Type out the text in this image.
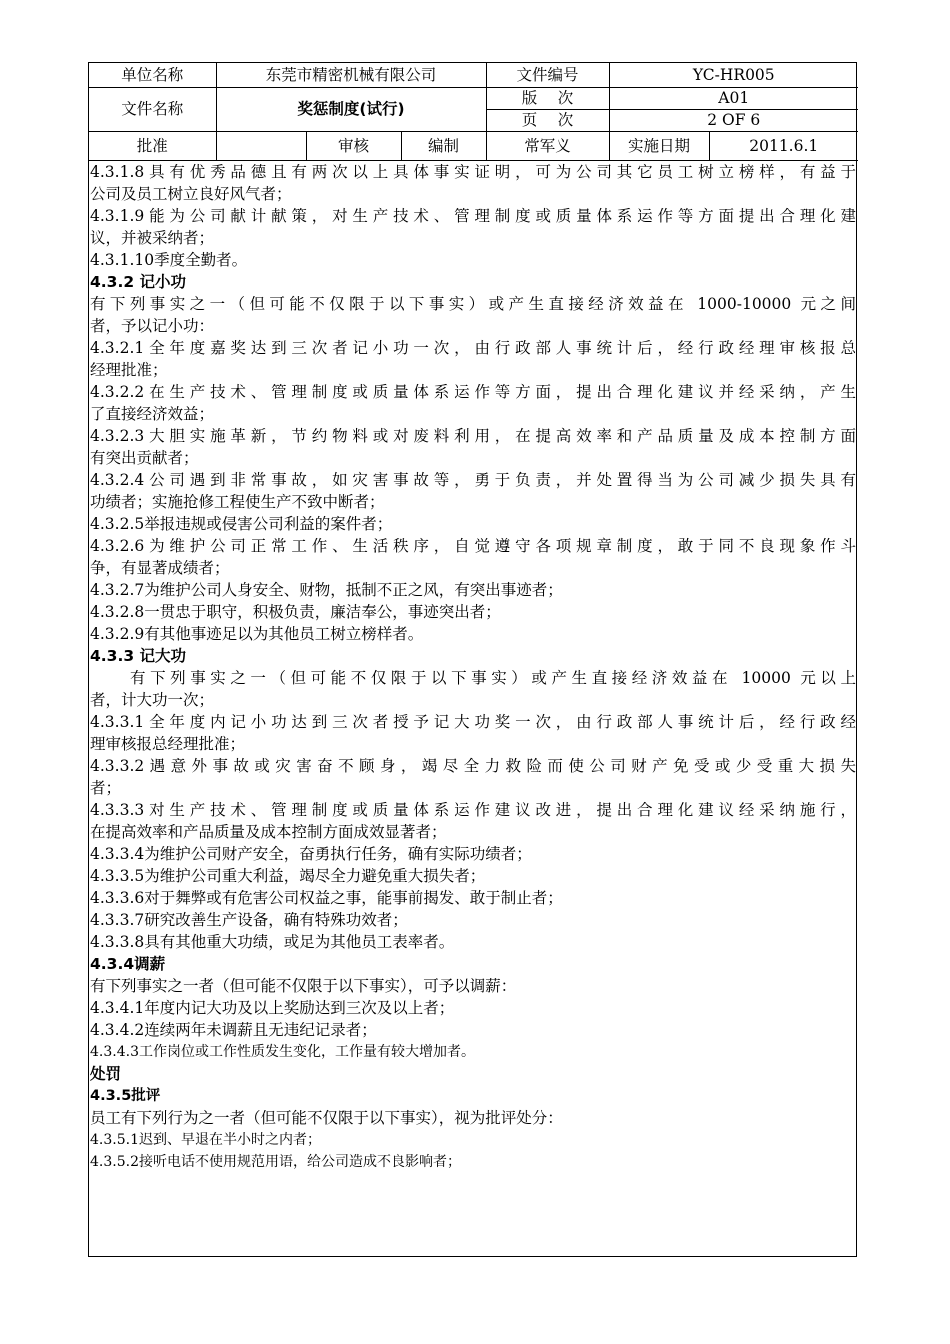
单位名称	东莞市精密机械有限公司			文件编号	YC-HR005	
文件名称	奖惩制度(试行)			版　 次	A01	
				页　 次	2 OF 6	
批准		审核	编制	常军义	实施日期	2011.6.1
4.3.1.8具有优秀品德且有两次以上具体事实证明，可为公司其它员工树立榜样，有益于
公司及员工树立良好风气者；
4.3.1.9能为公司献计献策，对生产技术、管理制度或质量体系运作等方面提出合理化建
议，并被采纳者；
4.3.1.10季度全勤者。
4.3.2 记小功
有下列事实之一（但可能不仅限于以下事实）或产生直接经济效益在 1000-10000 元之间
者，予以记小功：
4.3.2.1全年度嘉奖达到三次者记小功一次，由行政部人事统计后，经行政经理审核报总
经理批准；
4.3.2.2在生产技术、管理制度或质量体系运作等方面，提出合理化建议并经采纳，产生
了直接经济效益；
4.3.2.3大胆实施革新，节约物料或对废料利用，在提高效率和产品质量及成本控制方面
有突出贡献者；
4.3.2.4公司遇到非常事故，如灾害事故等，勇于负责，并处置得当为公司减少损失具有
功绩者；实施抢修工程使生产不致中断者；
4.3.2.5举报违规或侵害公司利益的案件者；
4.3.2.6为维护公司正常工作、生活秩序，自觉遵守各项规章制度，敢于同不良现象作斗
争，有显著成绩者；
4.3.2.7为维护公司人身安全、财物，抵制不正之风，有突出事迹者；
4.3.2.8一贯忠于职守，积极负责，廉洁奉公，事迹突出者；
4.3.2.9有其他事迹足以为其他员工树立榜样者。
4.3.3 记大功
有下列事实之一（但可能不仅限于以下事实）或产生直接经济效益在 10000 元以上
者，计大功一次；
4.3.3.1全年度内记小功达到三次者授予记大功奖一次，由行政部人事统计后，经行政经
理审核报总经理批准；
4.3.3.2遇意外事故或灾害奋不顾身，竭尽全力救险而使公司财产免受或少受重大损失
者；
4.3.3.3对生产技术、管理制度或质量体系运作建议改进，提出合理化建议经采纳施行，
在提高效率和产品质量及成本控制方面成效显著者；
4.3.3.4为维护公司财产安全，奋勇执行任务，确有实际功绩者；
4.3.3.5为维护公司重大利益，竭尽全力避免重大损失者；
4.3.3.6对于舞弊或有危害公司权益之事，能事前揭发、敢于制止者；
4.3.3.7研究改善生产设备，确有特殊功效者；
4.3.3.8具有其他重大功绩，或足为其他员工表率者。
4.3.4调薪
有下列事实之一者（但可能不仅限于以下事实），可予以调薪：
4.3.4.1年度内记大功及以上奖励达到三次及以上者；
4.3.4.2连续两年未调薪且无违纪记录者；
4.3.4.3工作岗位或工作性质发生变化，工作量有较大增加者。
处罚
4.3.5批评
员工有下列行为之一者（但可能不仅限于以下事实），视为批评处分：
4.3.5.1迟到、早退在半小时之内者；
4.3.5.2接听电话不使用规范用语，给公司造成不良影响者；
